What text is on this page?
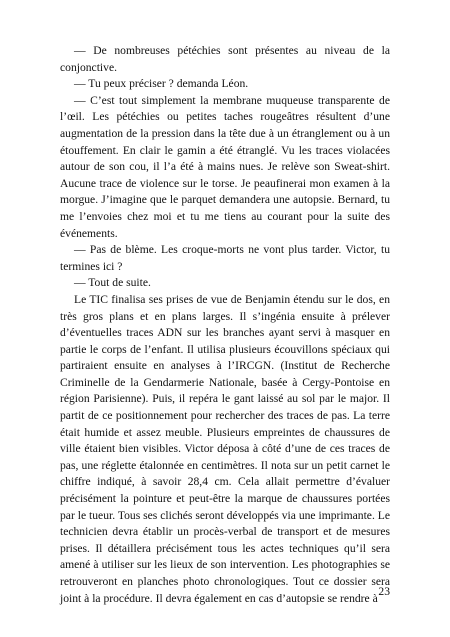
— De nombreuses pétéchies sont présentes au niveau de la conjonctive.

— Tu peux préciser ? demanda Léon.

— C’est tout simplement la membrane muqueuse transparente de l’œil. Les pétéchies ou petites taches rougeâtres résultent d’une augmentation de la pression dans la tête due à un étranglement ou à un étouffement. En clair le gamin a été étranglé. Vu les traces violacées autour de son cou, il l’a été à mains nues. Je relève son Sweat-shirt. Aucune trace de violence sur le torse. Je peaufinerai mon examen à la morgue. J’imagine que le parquet demandera une autopsie. Bernard, tu me l’envoies chez moi et tu me tiens au courant pour la suite des événements.

— Pas de blème. Les croque-morts ne vont plus tarder. Victor, tu termines ici ?

— Tout de suite.

Le TIC finalisa ses prises de vue de Benjamin étendu sur le dos, en très gros plans et en plans larges. Il s’ingénia ensuite à prélever d’éventuelles traces ADN sur les branches ayant servi à masquer en partie le corps de l’enfant. Il utilisa plusieurs écouvillons spéciaux qui partiraient ensuite en analyses à l’IRCGN. (Institut de Recherche Criminelle de la Gendarmerie Nationale, basée à Cergy-Pontoise en région Parisienne). Puis, il repéra le gant laissé au sol par le major. Il partit de ce positionnement pour rechercher des traces de pas. La terre était humide et assez meuble. Plusieurs empreintes de chaussures de ville étaient bien visibles. Victor déposa à côté d’une de ces traces de pas, une réglette étalonnée en centimètres. Il nota sur un petit carnet le chiffre indiqué, à savoir 28,4 cm. Cela allait permettre d’évaluer précisément la pointure et peut-être la marque de chaussures portées par le tueur. Tous ses clichés seront développés via une imprimante. Le technicien devra établir un procès-verbal de transport et de mesures prises. Il détaillera précisément tous les actes techniques qu’il sera amené à utiliser sur les lieux de son intervention. Les photographies se retrouveront en planches photo chronologiques. Tout ce dossier sera joint à la procédure. Il devra également en cas d’autopsie se rendre à

23
